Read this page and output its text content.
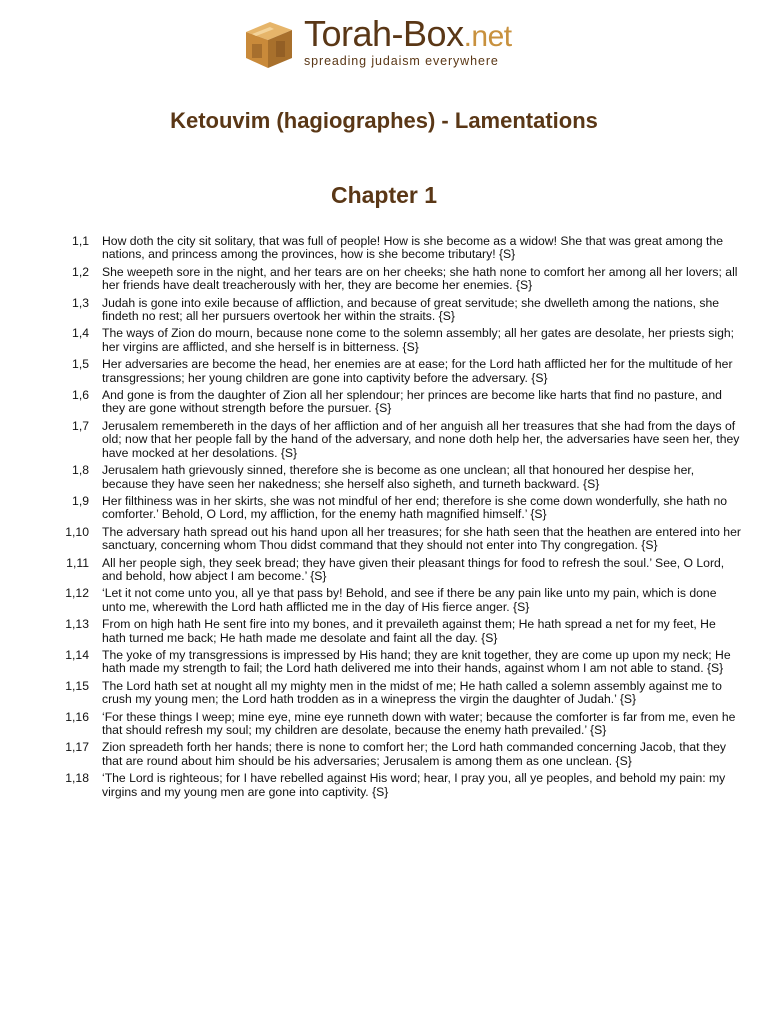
Torah-Box.net
spreading judaism everywhere
Ketouvim (hagiographes) - Lamentations
Chapter 1
1,1	How doth the city sit solitary, that was full of people! How is she become as a widow! She that was great among the nations, and princess among the provinces, how is she become tributary! {S}
1,2	She weepeth sore in the night, and her tears are on her cheeks; she hath none to comfort her among all her lovers; all her friends have dealt treacherously with her, they are become her enemies. {S}
1,3	Judah is gone into exile because of affliction, and because of great servitude; she dwelleth among the nations, she findeth no rest; all her pursuers overtook her within the straits. {S}
1,4	The ways of Zion do mourn, because none come to the solemn assembly; all her gates are desolate, her priests sigh; her virgins are afflicted, and she herself is in bitterness. {S}
1,5	Her adversaries are become the head, her enemies are at ease; for the Lord hath afflicted her for the multitude of her transgressions; her young children are gone into captivity before the adversary. {S}
1,6	And gone is from the daughter of Zion all her splendour; her princes are become like harts that find no pasture, and they are gone without strength before the pursuer. {S}
1,7	Jerusalem remembereth in the days of her affliction and of her anguish all her treasures that she had from the days of old; now that her people fall by the hand of the adversary, and none doth help her, the adversaries have seen her, they have mocked at her desolations. {S}
1,8	Jerusalem hath grievously sinned, therefore she is become as one unclean; all that honoured her despise her, because they have seen her nakedness; she herself also sigheth, and turneth backward. {S}
1,9	Her filthiness was in her skirts, she was not mindful of her end; therefore is she come down wonderfully, she hath no comforter.’ Behold, O Lord, my affliction, for the enemy hath magnified himself.’ {S}
1,10	The adversary hath spread out his hand upon all her treasures; for she hath seen that the heathen are entered into her sanctuary, concerning whom Thou didst command that they should not enter into Thy congregation. {S}
1,11	All her people sigh, they seek bread; they have given their pleasant things for food to refresh the soul.’ See, O Lord, and behold, how abject I am become.’ {S}
1,12	‘Let it not come unto you, all ye that pass by! Behold, and see if there be any pain like unto my pain, which is done unto me, wherewith the Lord hath afflicted me in the day of His fierce anger. {S}
1,13	From on high hath He sent fire into my bones, and it prevaileth against them; He hath spread a net for my feet, He hath turned me back; He hath made me desolate and faint all the day. {S}
1,14	The yoke of my transgressions is impressed by His hand; they are knit together, they are come up upon my neck; He hath made my strength to fail; the Lord hath delivered me into their hands, against whom I am not able to stand. {S}
1,15	The Lord hath set at nought all my mighty men in the midst of me; He hath called a solemn assembly against me to crush my young men; the Lord hath trodden as in a winepress the virgin the daughter of Judah.’ {S}
1,16	‘For these things I weep; mine eye, mine eye runneth down with water; because the comforter is far from me, even he that should refresh my soul; my children are desolate, because the enemy hath prevailed.’ {S}
1,17	Zion spreadeth forth her hands; there is none to comfort her; the Lord hath commanded concerning Jacob, that they that are round about him should be his adversaries; Jerusalem is among them as one unclean. {S}
1,18	‘The Lord is righteous; for I have rebelled against His word; hear, I pray you, all ye peoples, and behold my pain: my virgins and my young men are gone into captivity. {S}
